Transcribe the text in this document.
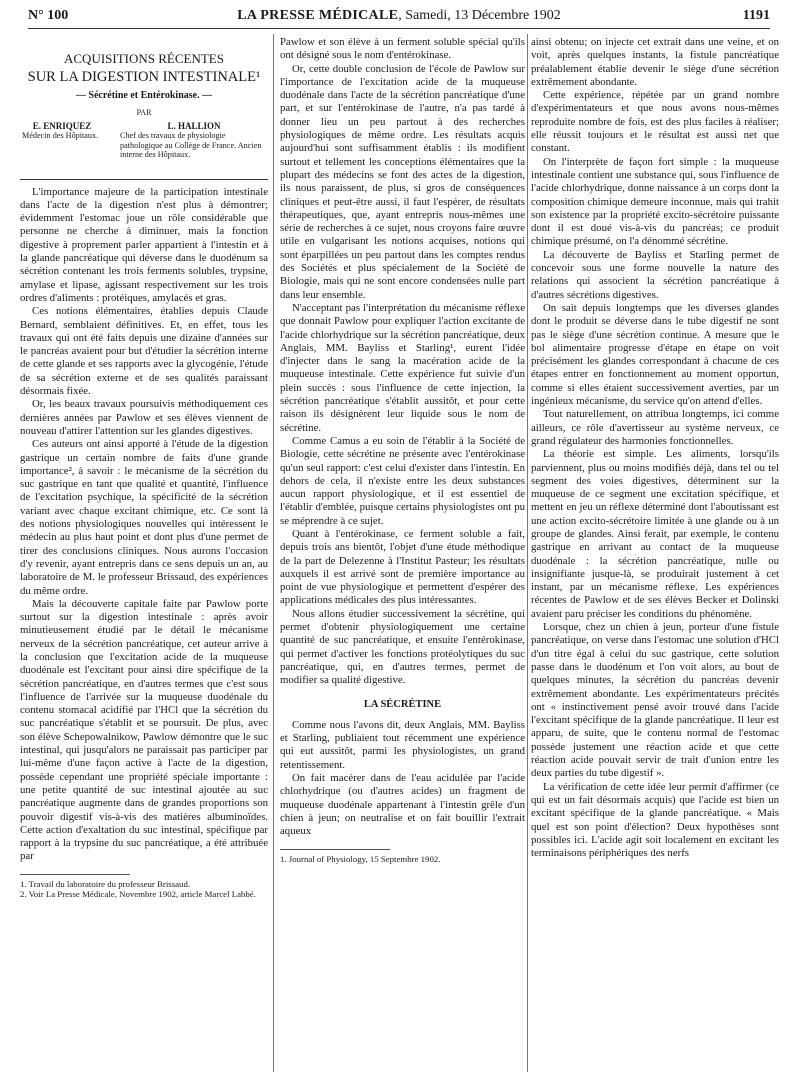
N° 100	LA PRESSE MÉDICALE, Samedi, 13 Décembre 1902	1191
ACQUISITIONS RÉCENTES
SUR LA DIGESTION INTESTINALE¹
— Sécrétine et Entérokinase. —
PAR
E. ENRIQUEZ
Médecin des Hôpitaux.
L. HALLION
Chef des travaux de physiologie pathologique au Collège de France. Ancien interne des Hôpitaux.

L'importance majeure de la participation intestinale dans l'acte de la digestion n'est plus à démontrer; évidemment l'estomac joue un rôle considérable que personne ne cherche à diminuer, mais la fonction digestive à proprement parler appartient à l'intestin et à la glande pancréatique qui déverse dans le duodénum sa sécrétion contenant les trois ferments solubles, trypsine, amylase et lipase, agissant respectivement sur les trois ordres d'aliments : protéiques, amylacés et gras.

Ces notions élémentaires, établies depuis Claude Bernard, semblaient définitives. Et, en effet, tous les travaux qui ont été faits depuis une dizaine d'années sur le pancréas avaient pour but d'étudier la sécrétion interne de cette glande et ses rapports avec la glycogénie, l'étude de sa sécrétion externe et de ses qualités paraissant désormais fixée.

Or, les beaux travaux poursuivis méthodiquement ces dernières années par Pawlow et ses élèves viennent de nouveau d'attirer l'attention sur les glandes digestives.

Ces auteurs ont ainsi apporté à l'étude de la digestion gastrique un certain nombre de faits d'une grande importance², à savoir : le mécanisme de la sécrétion du suc gastrique en tant que qualité et quantité, l'influence de l'excitation psychique, la spécificité de la sécrétion variant avec chaque excitant chimique, etc. Ce sont là des notions physiologiques nouvelles qui intéressent le médecin au plus haut point et dont plus d'une permet de tirer des conclusions cliniques. Nous aurons l'occasion d'y revenir, ayant entrepris dans ce sens depuis un an, au laboratoire de M. le professeur Brissaud, des expériences du même ordre.

Mais la découverte capitale faite par Pawlow porte surtout sur la digestion intestinale : après avoir minutieusement étudié par le détail le mécanisme nerveux de la sécrétion pancréatique, cet auteur arrive à la conclusion que l'excitation acide de la muqueuse duodénale est l'excitant pour ainsi dire spécifique de la sécrétion pancréatique, en d'autres termes que c'est sous l'influence de l'arrivée sur la muqueuse duodénale du contenu stomacal acidifié par l'HCl que la sécrétion du suc pancréatique s'établit et se poursuit. De plus, avec son élève Schepowalnikow, Pawlow démontre que le suc intestinal, qui jusqu'alors ne paraissait pas participer par lui-même d'une façon active à l'acte de la digestion, possède cependant une propriété spéciale importante : une petite quantité de suc intestinal ajoutée au suc pancréatique augmente dans de grandes proportions son pouvoir digestif vis-à-vis des matières albuminoïdes. Cette action d'exaltation du suc intestinal, spécifique par rapport à la trypsine du suc pancréatique, a été attribuée par

1. Travail du laboratoire du professeur Brissaud.
2. Voir La Presse Médicale, Novembre 1902, article Marcel Labbé.

Pawlow et son élève à un ferment soluble spécial qu'ils ont désigné sous le nom d'entérokinase.

Or, cette double conclusion de l'école de Pawlow sur l'importance de l'excitation acide de la muqueuse duodénale dans l'acte de la sécrétion pancréatique d'une part, et sur l'entérokinase de l'autre, n'a pas tardé à donner lieu un peu partout à des recherches physiologiques de même ordre. Les résultats acquis aujourd'hui sont suffisamment établis : ils modifient surtout et tellement les conceptions élémentaires que la plupart des médecins se font des actes de la digestion, ils nous paraissent, de plus, si gros de conséquences cliniques et peut-être aussi, il faut l'espérer, de résultats thérapeutiques, que, ayant entrepris nous-mêmes une série de recherches à ce sujet, nous croyons faire œuvre utile en vulgarisant les notions acquises, notions qui sont éparpillées un peu partout dans les comptes rendus des Sociétés et plus spécialement de la Société de Biologie, mais qui ne sont encore condensées nulle part dans leur ensemble.

N'acceptant pas l'interprétation du mécanisme réflexe que donnait Pawlow pour expliquer l'action excitante de l'acide chlorhydrique sur la sécrétion pancréatique, deux Anglais, MM. Bayliss et Starling¹, eurent l'idée d'injecter dans le sang la macération acide de la muqueuse intestinale. Cette expérience fut suivie d'un plein succès : sous l'influence de cette injection, la sécrétion pancréatique s'établit aussitôt, et pour cette raison ils désignèrent leur liquide sous le nom de sécrétine.

Comme Camus a eu soin de l'établir à la Société de Biologie, cette sécrétine ne présente avec l'entérokinase qu'un seul rapport: c'est celui d'exister dans l'intestin. En dehors de cela, il n'existe entre les deux substances aucun rapport physiologique, et il est essentiel de l'établir d'emblée, puisque certains physiologistes ont pu se méprendre à ce sujet.

Quant à l'entérokinase, ce ferment soluble a fait, depuis trois ans bientôt, l'objet d'une étude méthodique de la part de Delezenne à l'Institut Pasteur; les résultats auxquels il est arrivé sont de première importance au point de vue physiologique et permettent d'espérer des applications médicales des plus intéressantes.

Nous allons étudier successivement la sécrétine, qui permet d'obtenir physiologiquement une certaine quantité de suc pancréatique, et ensuite l'entérokinase, qui permet d'activer les fonctions protéolytiques du suc pancréatique, qui, en d'autres termes, permet de modifier sa qualité digestive.

LA SÉCRÉTINE

Comme nous l'avons dit, deux Anglais, MM. Bayliss et Starling, publiaient tout récemment une expérience qui eut aussitôt, parmi les physiologistes, un grand retentissement.

On fait macérer dans de l'eau acidulée par l'acide chlorhydrique (ou d'autres acides) un fragment de muqueuse duodénale appartenant à l'intestin grêle d'un chien à jeun; on neutralise et on fait bouillir l'extrait aqueux

1. Journal of Physiology, 15 Septembre 1902.

ainsi obtenu; on injecte cet extrait dans une veine, et on voit, après quelques instants, la fistule pancréatique préalablement établie devenir le siège d'une sécrétion extrêmement abondante.

Cette expérience, répétée par un grand nombre d'expérimentateurs et que nous avons nous-mêmes reproduite nombre de fois, est des plus faciles à réaliser; elle réussit toujours et le résultat est aussi net que constant.

On l'interprète de façon fort simple : la muqueuse intestinale contient une substance qui, sous l'influence de l'acide chlorhydrique, donne naissance à un corps dont la composition chimique demeure inconnue, mais qui trahit son existence par la propriété excito-sécrétoire puissante dont il est doué vis-à-vis du pancréas; ce produit chimique présumé, on l'a dénommé sécrétine.

La découverte de Bayliss et Starling permet de concevoir sous une forme nouvelle la nature des relations qui associent la sécrétion pancréatique à d'autres sécrétions digestives.

On sait depuis longtemps que les diverses glandes dont le produit se déverse dans le tube digestif ne sont pas le siège d'une sécrétion continue. A mesure que le bol alimentaire progresse d'étape en étape on voit précisément les glandes correspondant à chacune de ces étapes entrer en fonctionnement au moment opportun, comme si elles étaient successivement averties, par un ingénieux mécanisme, du service qu'on attend d'elles.

Tout naturellement, on attribua longtemps, ici comme ailleurs, ce rôle d'avertisseur au système nerveux, ce grand régulateur des harmonies fonctionnelles.

La théorie est simple. Les aliments, lorsqu'ils parviennent, plus ou moins modifiés déjà, dans tel ou tel segment des voies digestives, déterminent sur la muqueuse de ce segment une excitation spécifique, et mettent en jeu un réflexe déterminé dont l'aboutissant est une action excito-sécrétoire limitée à une glande ou à un groupe de glandes. Ainsi ferait, par exemple, le contenu gastrique en arrivant au contact de la muqueuse duodénale : la sécrétion pancréatique, nulle ou insignifiante jusque-là, se produirait justement à cet instant, par un mécanisme réflexe. Les expériences récentes de Pawlow et de ses élèves Becker et Dolinski avaient paru préciser les conditions du phénomène.

Lorsque, chez un chien à jeun, porteur d'une fistule pancréatique, on verse dans l'estomac une solution d'HCl d'un titre égal à celui du suc gastrique, cette solution passe dans le duodénum et l'on voit alors, au bout de quelques minutes, la sécrétion du pancréas devenir extrêmement abondante. Les expérimentateurs précités ont « instinctivement pensé avoir trouvé dans l'acide l'excitant spécifique de la glande pancréatique. Il leur est apparu, de suite, que le contenu normal de l'estomac possède justement une réaction acide et que cette réaction acide pouvait servir de trait d'union entre les deux parties du tube digestif ».

La vérification de cette idée leur permit d'affirmer (ce qui est un fait désormais acquis) que l'acide est bien un excitant spécifique de la glande pancréatique. « Mais quel est son point d'élection? Deux hypothèses sont possibles ici. L'acide agit soit localement en excitant les terminaisons périphériques des nerfs
